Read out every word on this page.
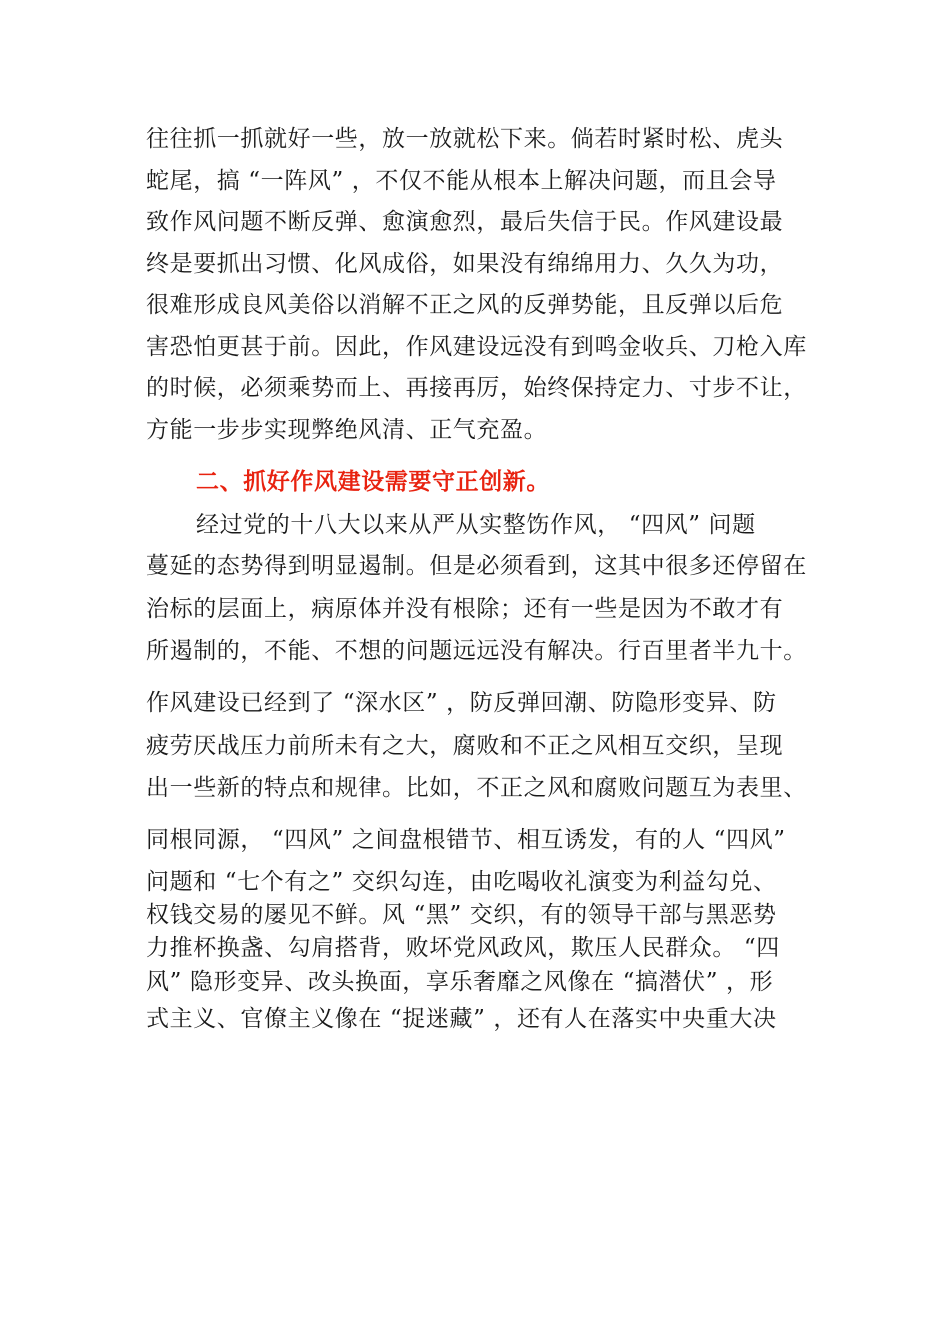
往往抓一抓就好一些，放一放就松下来。倘若时紧时松、虎头
蛇尾，搞 “一阵风” ，不仅不能从根本上解决问题，而且会导
致作风问题不断反弹、愈演愈烈，最后失信于民。作风建设最
终是要抓出习惯、化风成俗，如果没有绵绵用力、久久为功，
很难形成良风美俗以消解不正之风的反弹势能，且反弹以后危
害恐怕更甚于前。因此，作风建设远没有到鸣金收兵、刀枪入库
的时候，必须乘势而上、再接再厉，始终保持定力、寸步不让，
方能一步步实现弊绝风清、正气充盈。
二、抓好作风建设需要守正创新。
经过党的十八大以来从严从实整饬作风， “四风” 问题
蔓延的态势得到明显遏制。但是必须看到，这其中很多还停留在
治标的层面上，病原体并没有根除；还有一些是因为不敢才有
所遏制的，不能、不想的问题远远没有解决。行百里者半九十。
作风建设已经到了 “深水区” ，防反弹回潮、防隐形变异、防
疲劳厌战压力前所未有之大，腐败和不正之风相互交织，呈现
出一些新的特点和规律。比如，不正之风和腐败问题互为表里、
同根同源， “四风” 之间盘根错节、相互诱发，有的人 “四风”
问题和 “七个有之” 交织勾连，由吃喝收礼演变为利益勾兑、
权钱交易的屡见不鲜。风 “黑” 交织，有的领导干部与黑恶势
力推杯换盏、勾肩搭背，败坏党风政风，欺压人民群众。 “四
风” 隐形变异、改头换面，享乐奢靡之风像在 “搞潜伏” ，形
式主义、官僚主义像在 “捉迷藏” ，还有人在落实中央重大决
